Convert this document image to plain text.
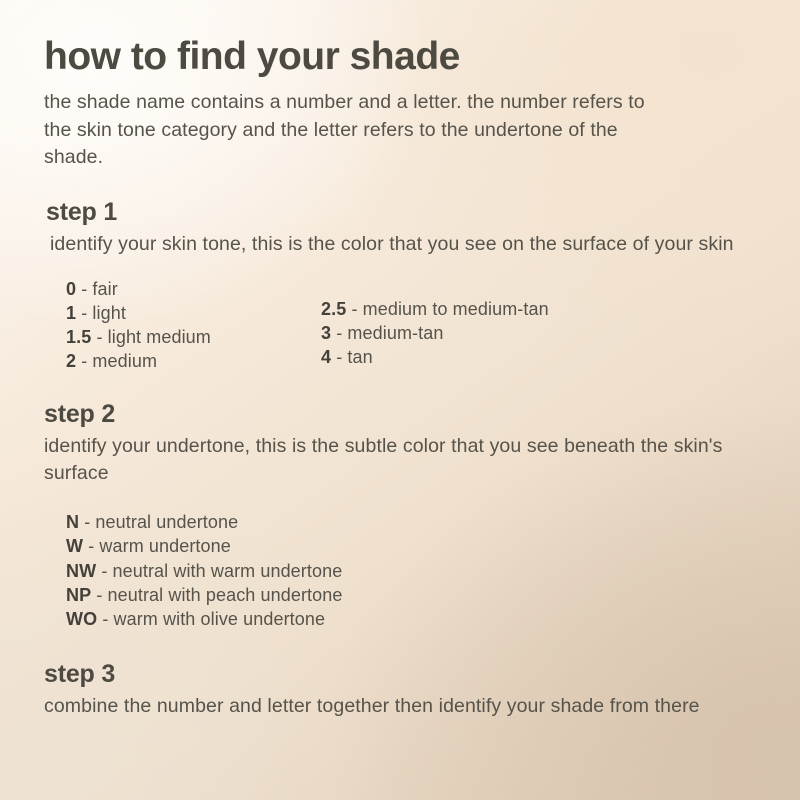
how to find your shade

the shade name contains a number and a letter. the number refers to the skin tone category and the letter refers to the undertone of the shade.

step 1

identify your skin tone, this is the color that you see on the surface of your skin

0 - fair
1 - light
1.5 - light medium
2 - medium
2.5 - medium to medium-tan
3 - medium-tan
4 - tan
step 2

identify your undertone, this is the subtle color that you see beneath the skin's surface

N - neutral undertone
W - warm undertone
NW - neutral with warm undertone
NP - neutral with peach undertone
WO - warm with olive undertone
step 3

combine the number and letter together then identify your shade from there
